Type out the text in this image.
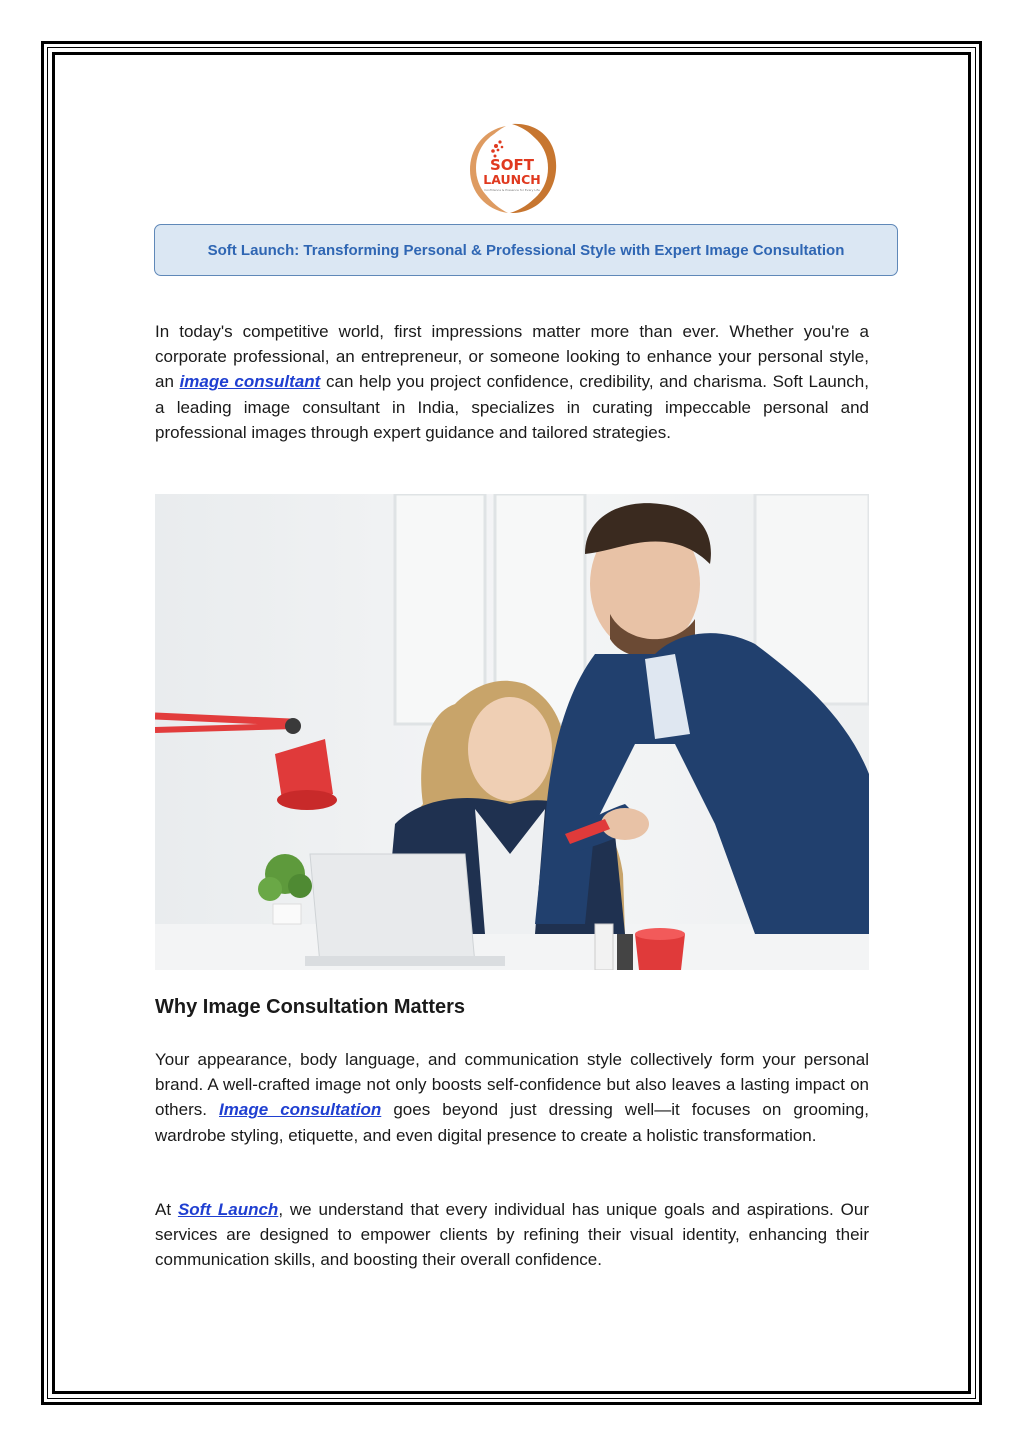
SOFT
LAUNCH
Confidence & Presence for Every Life
Soft Launch: Transforming Personal & Professional Style with Expert Image Consultation

In today's competitive world, first impressions matter more than ever. Whether you're a corporate professional, an entrepreneur, or someone looking to enhance your personal style, an image consultant can help you project confidence, credibility, and charisma. Soft Launch, a leading image consultant in India, specializes in curating impeccable personal and professional images through expert guidance and tailored strategies.

Why Image Consultation Matters

Your appearance, body language, and communication style collectively form your personal brand. A well-crafted image not only boosts self-confidence but also leaves a lasting impact on others. Image consultation goes beyond just dressing well—it focuses on grooming, wardrobe styling, etiquette, and even digital presence to create a holistic transformation.

At Soft Launch, we understand that every individual has unique goals and aspirations. Our services are designed to empower clients by refining their visual identity, enhancing their communication skills, and boosting their overall confidence.
